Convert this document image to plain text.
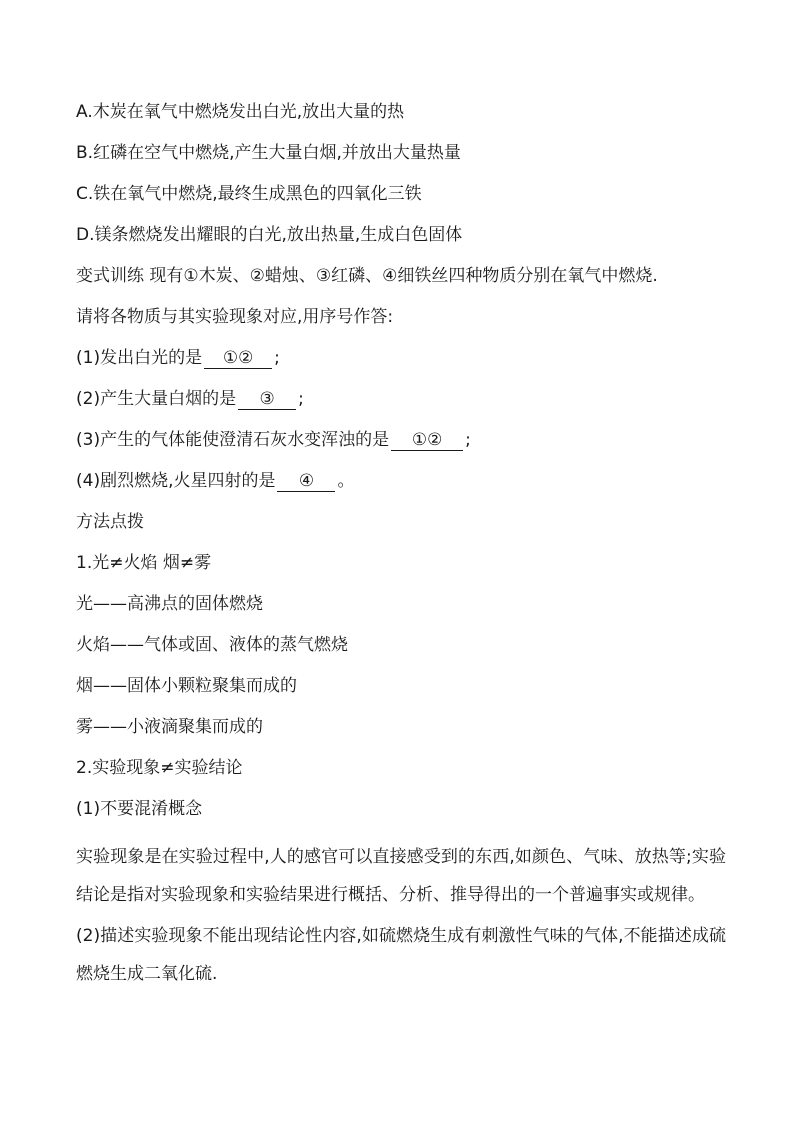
A.木炭在氧气中燃烧发出白光,放出大量的热
B.红磷在空气中燃烧,产生大量白烟,并放出大量热量
C.铁在氧气中燃烧,最终生成黑色的四氧化三铁
D.镁条燃烧发出耀眼的白光,放出热量,生成白色固体
变式训练 现有①木炭、②蜡烛、③红磷、④细铁丝四种物质分别在氧气中燃烧.
请将各物质与其实验现象对应,用序号作答:
(1)发出白光的是 ①② ;
(2)产生大量白烟的是 ③ ;
(3)产生的气体能使澄清石灰水变浑浊的是 ①② ;
(4)剧烈燃烧,火星四射的是 ④ 。
方法点拨
1.光≠火焰 烟≠雾
光——高沸点的固体燃烧
火焰——气体或固、液体的蒸气燃烧
烟——固体小颗粒聚集而成的
雾——小液滴聚集而成的
2.实验现象≠实验结论
(1)不要混淆概念
实验现象是在实验过程中,人的感官可以直接感受到的东西,如颜色、气味、放热等;实验结论是指对实验现象和实验结果进行概括、分析、推导得出的一个普遍事实或规律。
(2)描述实验现象不能出现结论性内容,如硫燃烧生成有刺激性气味的气体,不能描述成硫燃烧生成二氧化硫.
